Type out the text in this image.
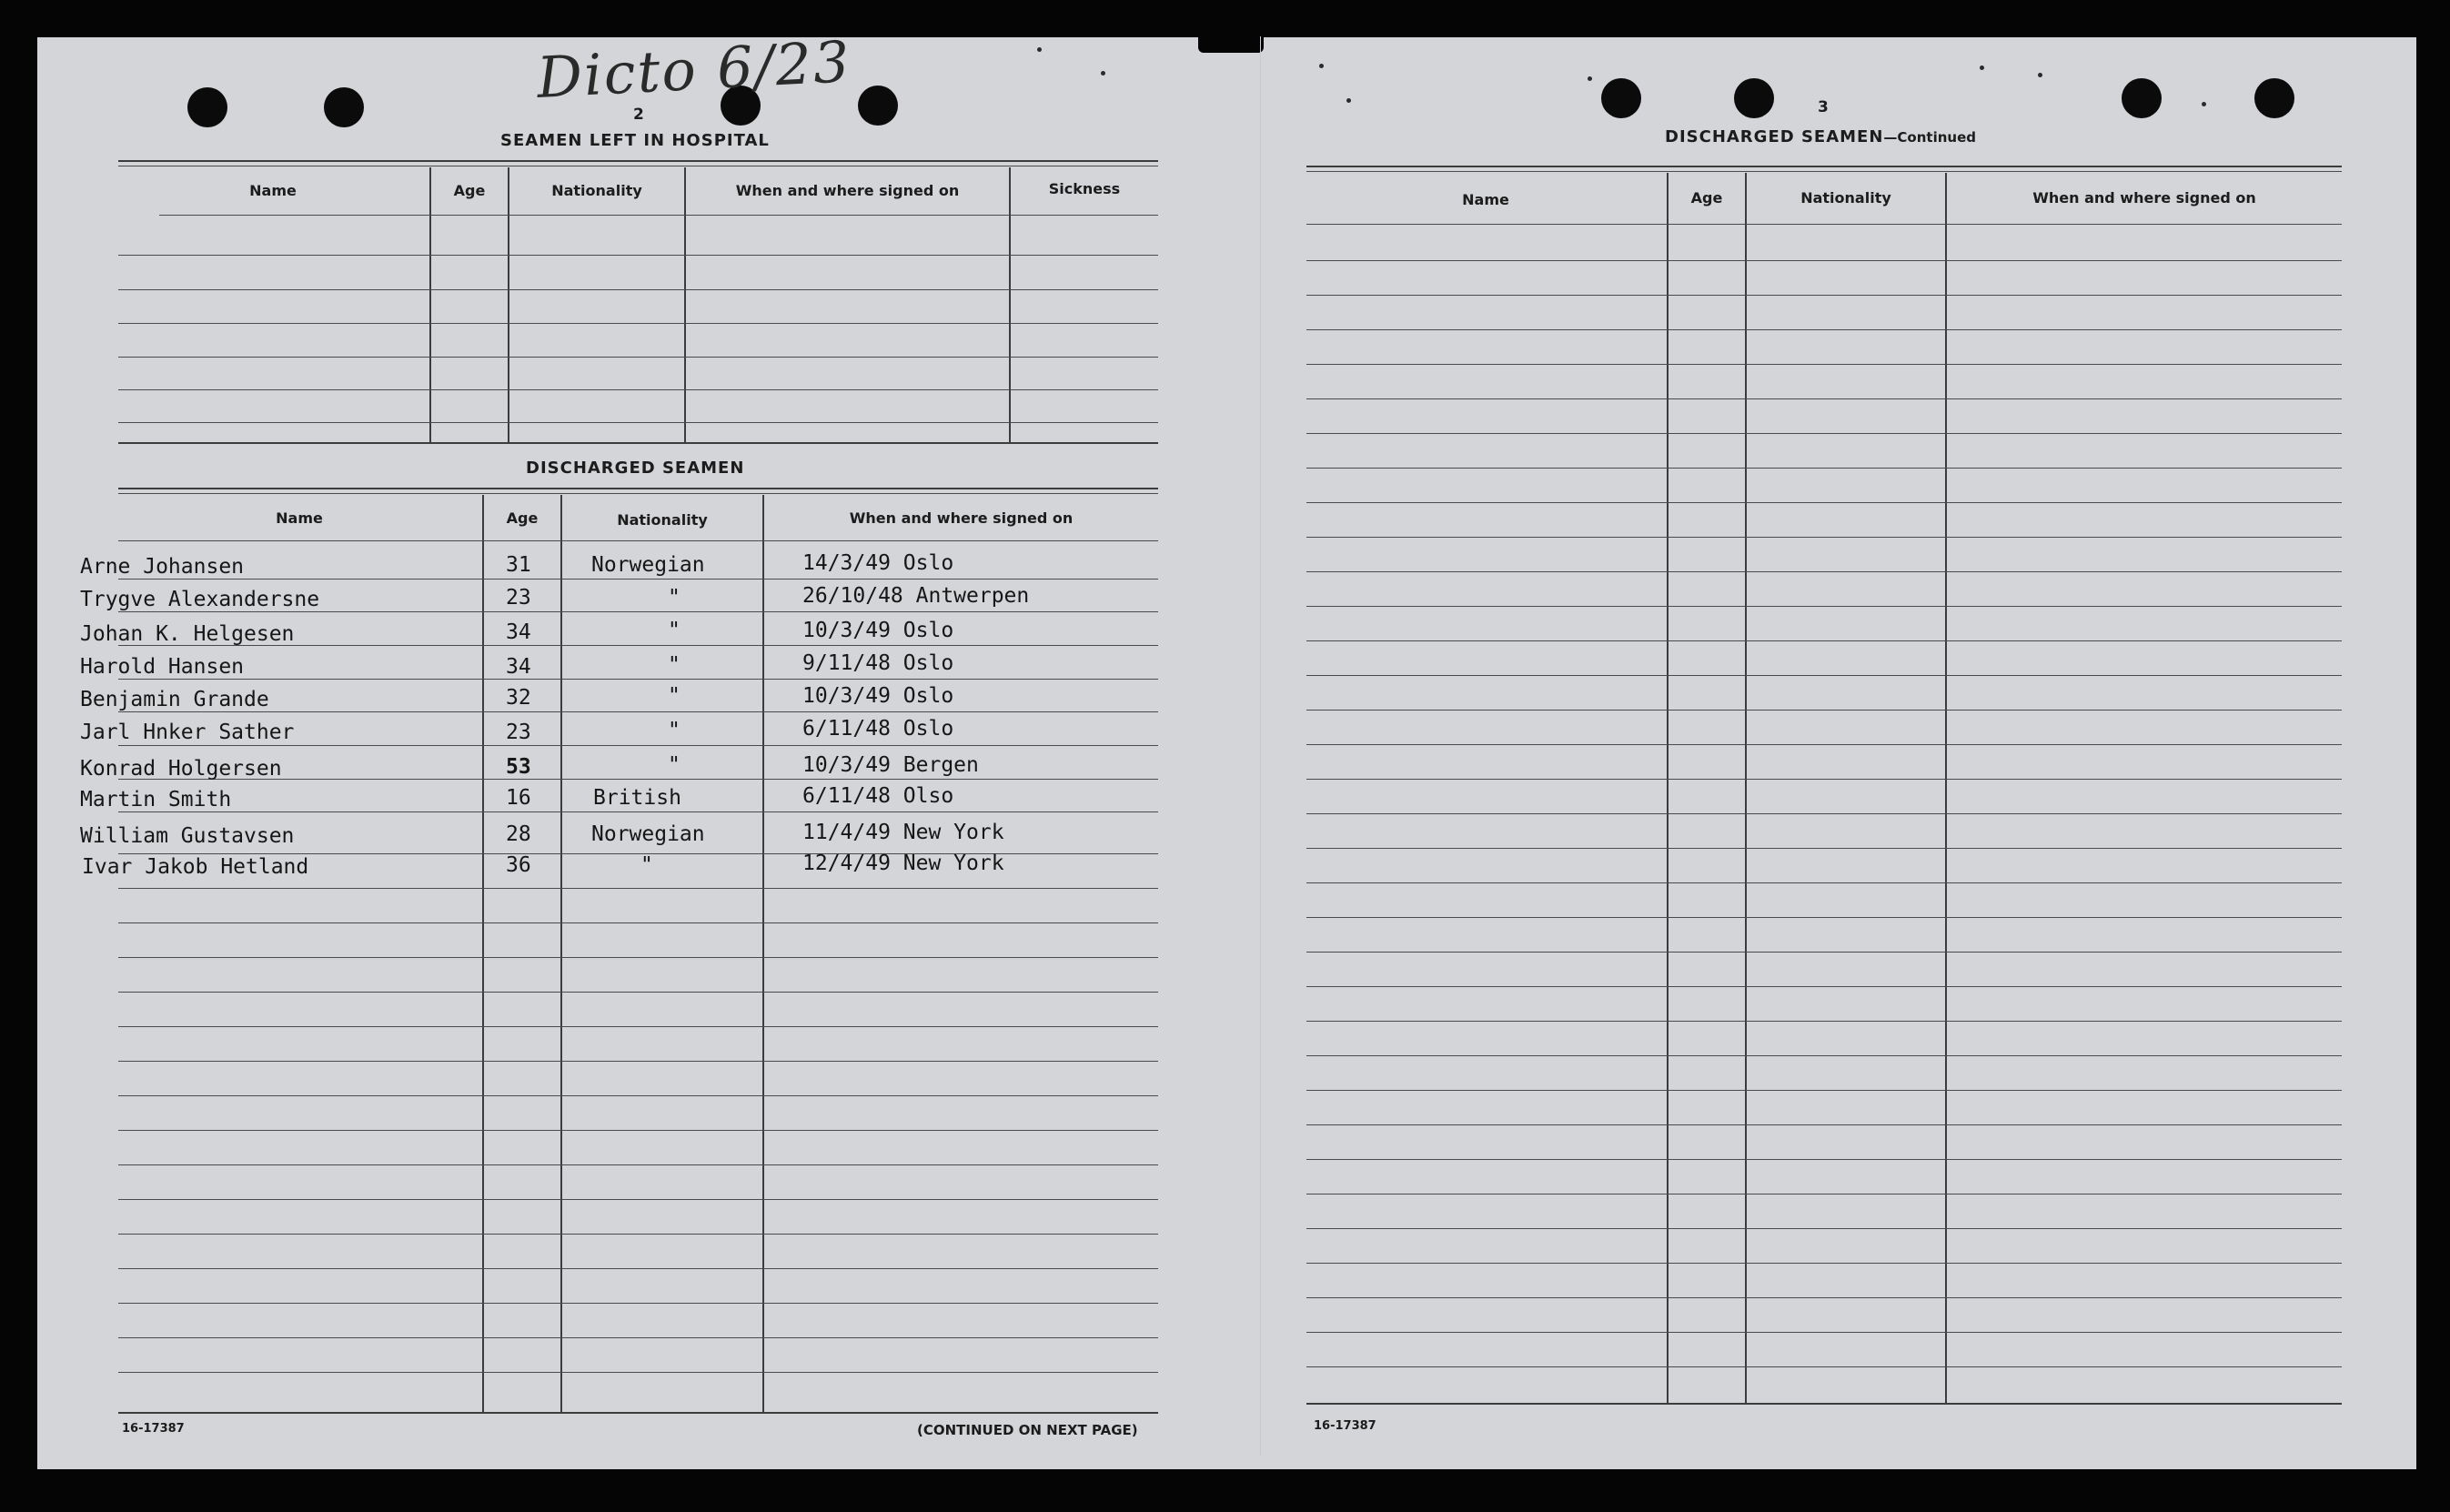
Dicto 6/23
2
SEAMEN LEFT IN HOSPITAL
Name	Age	Nationality	When and where signed on	Sickness
DISCHARGED SEAMEN
Name	Age	Nationality	When and where signed on
Arne Johansen	31	Norwegian	14/3/49 Oslo
Trygve Alexandersne	23	"	26/10/48 Antwerpen
Johan K. Helgesen	34	"	10/3/49 Oslo
Harold Hansen	34	"	9/11/48 Oslo
Benjamin Grande	32	"	10/3/49 Oslo
Jarl Hnker Sather	23	"	6/11/48 Oslo
Konrad Holgersen	53	"	10/3/49 Bergen
Martin Smith	16	British	6/11/48 Olso
William Gustavsen	28	Norwegian	11/4/49 New York
Ivar Jakob Hetland	36	"	12/4/49 New York
16-17387	(CONTINUED ON NEXT PAGE)
3
DISCHARGED SEAMEN—Continued
Name	Age	Nationality	When and where signed on
16-17387
